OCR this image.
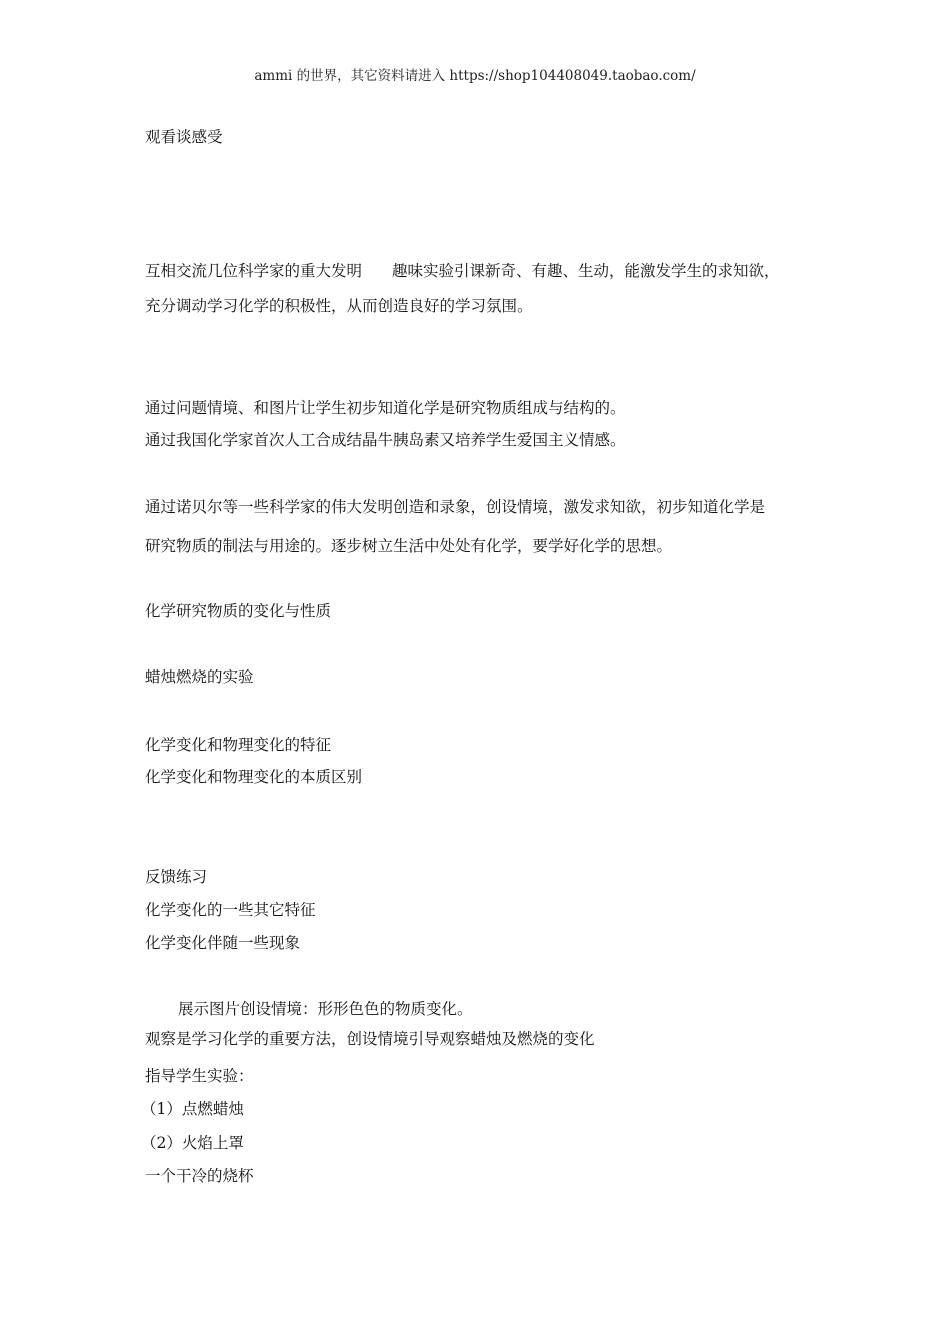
ammi 的世界，其它资料请进入 https://shop104408049.taobao.com/
观看谈感受
互相交流几位科学家的重大发明 趣味实验引课新奇、有趣、生动，能激发学生的求知欲，
充分调动学习化学的积极性，从而创造良好的学习氛围。
通过问题情境、和图片让学生初步知道化学是研究物质组成与结构的。
通过我国化学家首次人工合成结晶牛胰岛素又培养学生爱国主义情感。
通过诺贝尔等一些科学家的伟大发明创造和录象，创设情境，激发求知欲，初步知道化学是
研究物质的制法与用途的。逐步树立生活中处处有化学，要学好化学的思想。
化学研究物质的变化与性质
蜡烛燃烧的实验
化学变化和物理变化的特征
化学变化和物理变化的本质区别
反馈练习
化学变化的一些其它特征
化学变化伴随一些现象
展示图片创设情境：形形色色的物质变化。
观察是学习化学的重要方法，创设情境引导观察蜡烛及燃烧的变化
指导学生实验：
（1）点燃蜡烛
（2）火焰上罩
一个干冷的烧杯
